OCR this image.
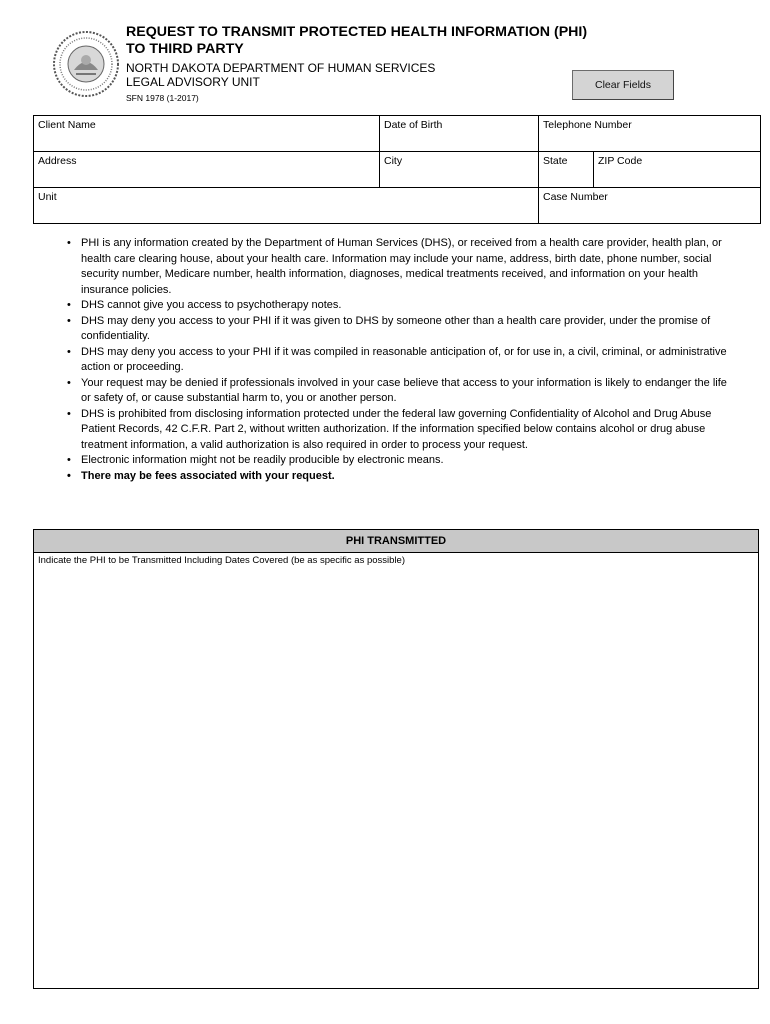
REQUEST TO TRANSMIT PROTECTED HEALTH INFORMATION (PHI)
TO THIRD PARTY
NORTH DAKOTA DEPARTMENT OF HUMAN SERVICES
LEGAL ADVISORY UNIT
SFN 1978 (1-2017)
Clear Fields
Client Name	Date of Birth	Telephone Number
Address	City	State	ZIP Code
Unit	Case Number
• PHI is any information created by the Department of Human Services (DHS), or received from a health care provider, health plan, or health care clearing house, about your health care. Information may include your name, address, birth date, phone number, social security number, Medicare number, health information, diagnoses, medical treatments received, and information on your health insurance policies.
• DHS cannot give you access to psychotherapy notes.
• DHS may deny you access to your PHI if it was given to DHS by someone other than a health care provider, under the promise of confidentiality.
• DHS may deny you access to your PHI if it was compiled in reasonable anticipation of, or for use in, a civil, criminal, or administrative action or proceeding.
• Your request may be denied if professionals involved in your case believe that access to your information is likely to endanger the life or safety of, or cause substantial harm to, you or another person.
• DHS is prohibited from disclosing information protected under the federal law governing Confidentiality of Alcohol and Drug Abuse Patient Records, 42 C.F.R. Part 2, without written authorization. If the information specified below contains alcohol or drug abuse treatment information, a valid authorization is also required in order to process your request.
• Electronic information might not be readily producible by electronic means.
• There may be fees associated with your request.
PHI TRANSMITTED
Indicate the PHI to be Transmitted Including Dates Covered (be as specific as possible)
